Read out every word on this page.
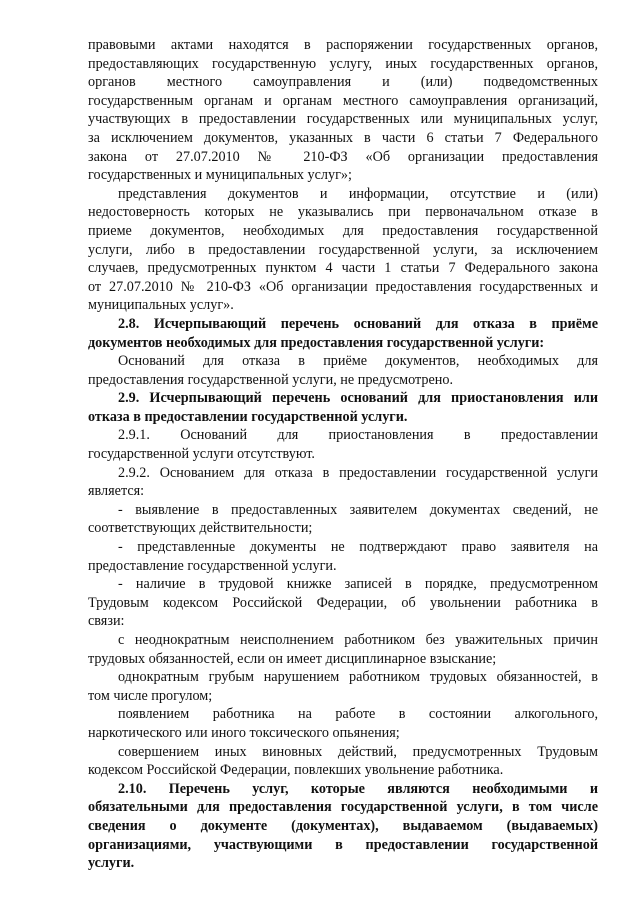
правовыми актами находятся в распоряжении государственных органов,
предоставляющих государственную услугу, иных государственных органов,
органов местного самоуправления и (или) подведомственных
государственным органам и органам местного самоуправления организаций,
участвующих в предоставлении государственных или муниципальных услуг,
за исключением документов, указанных в части 6 статьи 7 Федерального
закона от 27.07.2010 № 210-ФЗ «Об организации предоставления
государственных и муниципальных услуг»;
представления документов и информации, отсутствие и (или)
недостоверность которых не указывались при первоначальном отказе в
приеме документов, необходимых для предоставления государственной
услуги, либо в предоставлении государственной услуги, за исключением
случаев, предусмотренных пунктом 4 части 1 статьи 7 Федерального закона
от 27.07.2010 № 210-ФЗ «Об организации предоставления государственных и
муниципальных услуг».
2.8. Исчерпывающий перечень оснований для отказа в приёме
документов необходимых для предоставления государственной услуги:
Оснований для отказа в приёме документов, необходимых для
предоставления государственной услуги, не предусмотрено.
2.9. Исчерпывающий перечень оснований для приостановления или
отказа в предоставлении государственной услуги.
2.9.1. Оснований для приостановления в предоставлении
государственной услуги отсутствуют.
2.9.2. Основанием для отказа в предоставлении государственной услуги
является:
- выявление в предоставленных заявителем документах сведений, не
соответствующих действительности;
- представленные документы не подтверждают право заявителя на
предоставление государственной услуги.
- наличие в трудовой книжке записей в порядке, предусмотренном
Трудовым кодексом Российской Федерации, об увольнении работника в
связи:
с неоднократным неисполнением работником без уважительных причин
трудовых обязанностей, если он имеет дисциплинарное взыскание;
однократным грубым нарушением работником трудовых обязанностей, в
том числе прогулом;
появлением работника на работе в состоянии алкогольного,
наркотического или иного токсического опьянения;
совершением иных виновных действий, предусмотренных Трудовым
кодексом Российской Федерации, повлекших увольнение работника.
2.10. Перечень услуг, которые являются необходимыми и
обязательными для предоставления государственной услуги, в том числе
сведения о документе (документах), выдаваемом (выдаваемых)
организациями, участвующими в предоставлении государственной
услуги.
